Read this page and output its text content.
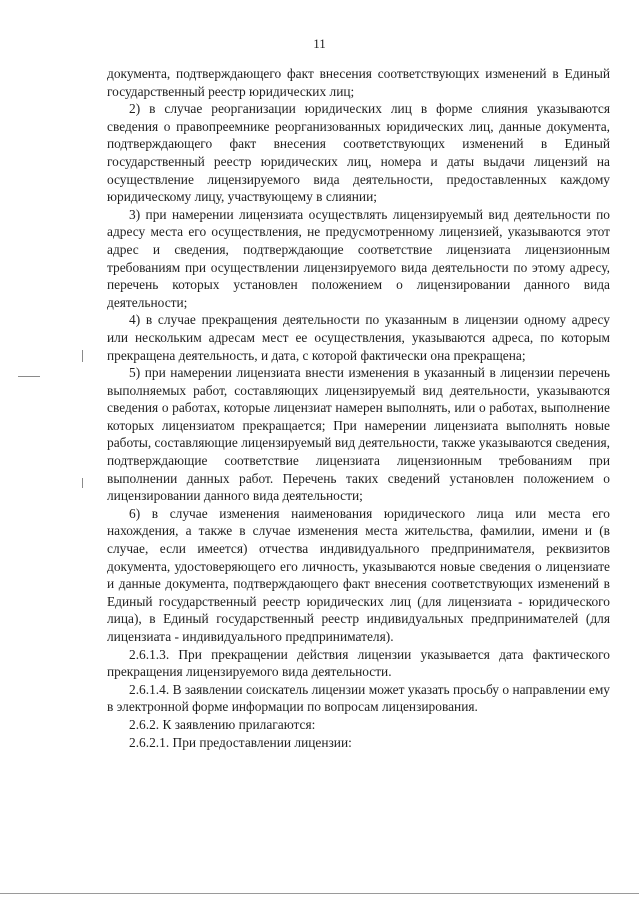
11

документа, подтверждающего факт внесения соответствующих изменений в Единый государственный реестр юридических лиц;

2) в случае реорганизации юридических лиц в форме слияния указываются сведения о правопреемнике реорганизованных юридических лиц, данные документа, подтверждающего факт внесения соответствующих изменений в Единый государственный реестр юридических лиц, номера и даты выдачи лицензий на осуществление лицензируемого вида деятельности, предоставленных каждому юридическому лицу, участвующему в слиянии;

3) при намерении лицензиата осуществлять лицензируемый вид деятельности по адресу места его осуществления, не предусмотренному лицензией, указываются этот адрес и сведения, подтверждающие соответствие лицензиата лицензионным требованиям при осуществлении лицензируемого вида деятельности по этому адресу, перечень которых установлен положением о лицензировании данного вида деятельности;

4) в случае прекращения деятельности по указанным в лицензии одному адресу или нескольким адресам мест ее осуществления, указываются адреса, по которым прекращена деятельность, и дата, с которой фактически она прекращена;

5) при намерении лицензиата внести изменения в указанный в лицензии перечень выполняемых работ, составляющих лицензируемый вид деятельности, указываются сведения о работах, которые лицензиат намерен выполнять, или о работах, выполнение которых лицензиатом прекращается; При намерении лицензиата выполнять новые работы, составляющие лицензируемый вид деятельности, также указываются сведения, подтверждающие соответствие лицензиата лицензионным требованиям при выполнении данных работ. Перечень таких сведений установлен положением о лицензировании данного вида деятельности;

6) в случае изменения наименования юридического лица или места его нахождения, а также в случае изменения места жительства, фамилии, имени и (в случае, если имеется) отчества индивидуального предпринимателя, реквизитов документа, удостоверяющего его личность, указываются новые сведения о лицензиате и данные документа, подтверждающего факт внесения соответствующих изменений в Единый государственный реестр юридических лиц (для лицензиата - юридического лица), в Единый государственный реестр индивидуальных предпринимателей (для лицензиата - индивидуального предпринимателя).

2.6.1.3. При прекращении действия лицензии указывается дата фактического прекращения лицензируемого вида деятельности.

2.6.1.4. В заявлении соискатель лицензии может указать просьбу о направлении ему в электронной форме информации по вопросам лицензирования.

2.6.2. К заявлению прилагаются:

2.6.2.1. При предоставлении лицензии:
